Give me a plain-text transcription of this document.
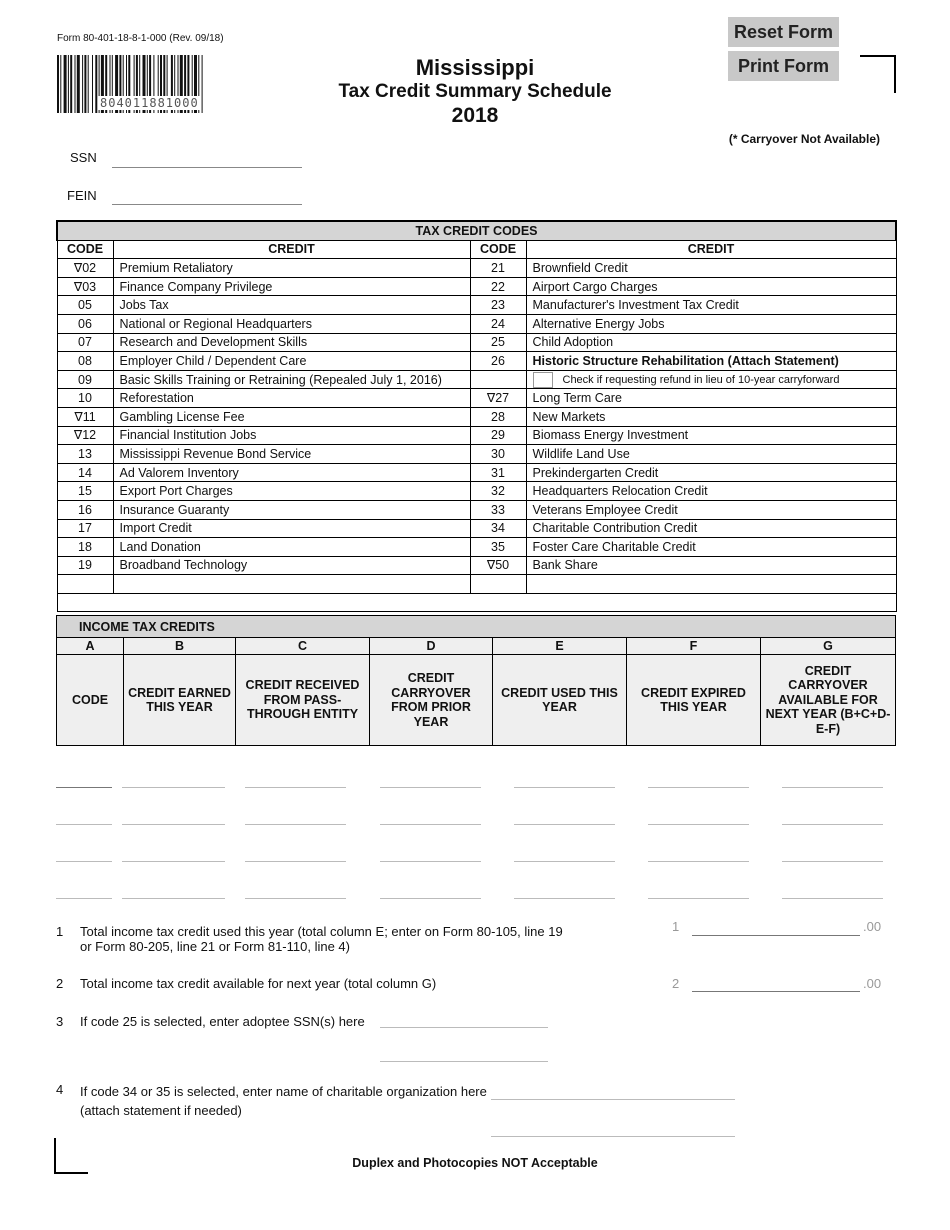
Form 80-401-18-8-1-000 (Rev. 09/18)
804011881000
Mississippi
Tax Credit Summary Schedule
2018
Reset Form
Print Form
(* Carryover Not Available)
SSN
FEIN
TAX CREDIT CODES			
CODE	CREDIT	CODE	CREDIT
∇02	Premium Retaliatory	21	Brownfield Credit
∇03	Finance Company Privilege	22	Airport Cargo Charges
05	Jobs Tax	23	Manufacturer's Investment Tax Credit
06	National or Regional Headquarters	24	Alternative Energy Jobs
07	Research and Development Skills	25	Child Adoption
08	Employer Child / Dependent Care	26	Historic Structure Rehabilitation (Attach Statement)
09	Basic Skills Training or Retraining (Repealed July 1, 2016)		Check if requesting refund in lieu of 10-year carryforward
10	Reforestation	∇27	Long Term Care
∇11	Gambling License Fee	28	New Markets
∇12	Financial Institution Jobs	29	Biomass Energy Investment
13	Mississippi Revenue Bond Service	30	Wildlife Land Use
14	Ad Valorem Inventory	31	Prekindergarten Credit
15	Export Port Charges	32	Headquarters Relocation Credit
16	Insurance Guaranty	33	Veterans Employee Credit
17	Import Credit	34	Charitable Contribution Credit
18	Land Donation	35	Foster Care Charitable Credit
19	Broadband Technology	∇50	Bank Share

INCOME TAX CREDITS						
A	B	C	D	E	F	G
CODE	CREDIT EARNED THIS YEAR	CREDIT RECEIVED FROM PASS-THROUGH ENTITY	CREDIT CARRYOVER FROM PRIOR YEAR	CREDIT USED THIS YEAR	CREDIT EXPIRED THIS YEAR	CREDIT CARRYOVER AVAILABLE FOR NEXT YEAR (B+C+D-E-F)
1 Total income tax credit used this year (total column E; enter on Form 80-105, line 19
or Form 80-205, line 21 or Form 81-110, line 4)
1	.00
2 Total income tax credit available for next year (total column G)	2	.00
3 If code 25 is selected, enter adoptee SSN(s) here
4 If code 34 or 35 is selected, enter name of charitable organization here
(attach statement if needed)
Duplex and Photocopies NOT Acceptable
